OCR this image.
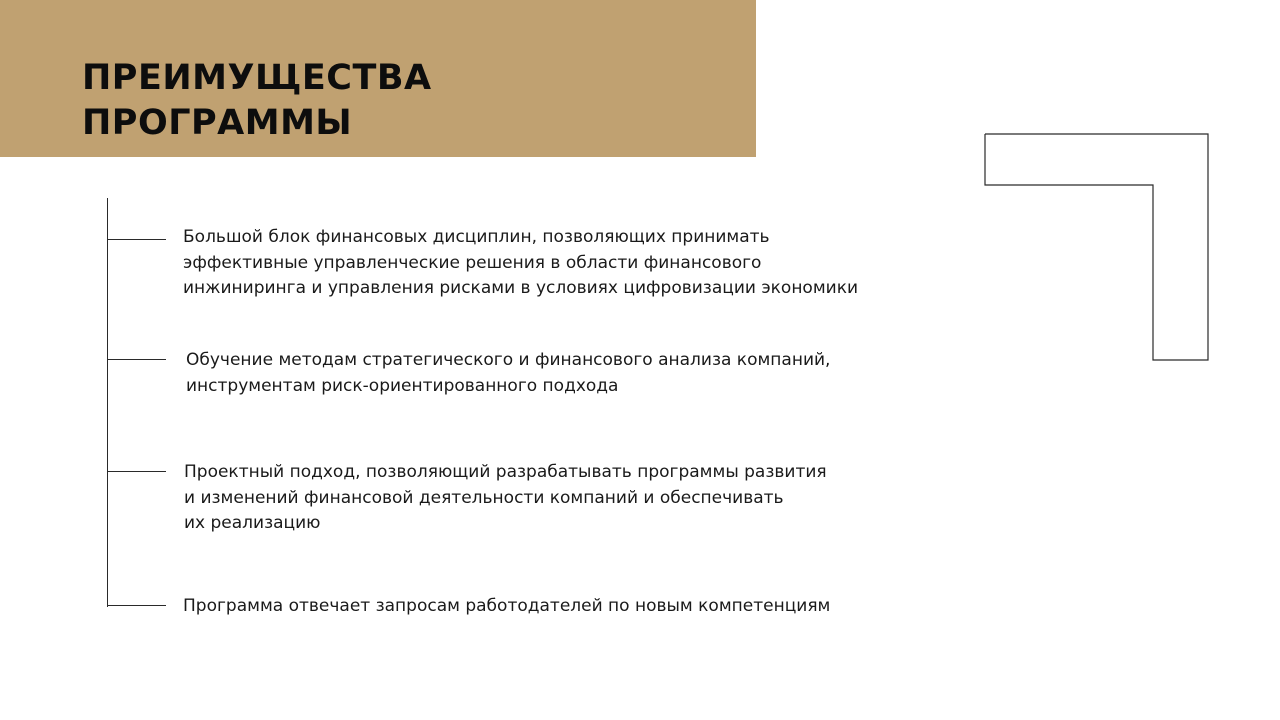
ПРЕИМУЩЕСТВА
ПРОГРАММЫ

Большой блок финансовых дисциплин, позволяющих принимать
эффективные управленческие решения в области финансового
инжиниринга и управления рисками в условиях цифровизации экономики

Обучение методам стратегического и финансового анализа компаний,
инструментам риск-ориентированного подхода

Проектный подход, позволяющий разрабатывать программы развития
и изменений финансовой деятельности компаний и обеспечивать
их реализацию

Программа отвечает запросам работодателей по новым компетенциям
